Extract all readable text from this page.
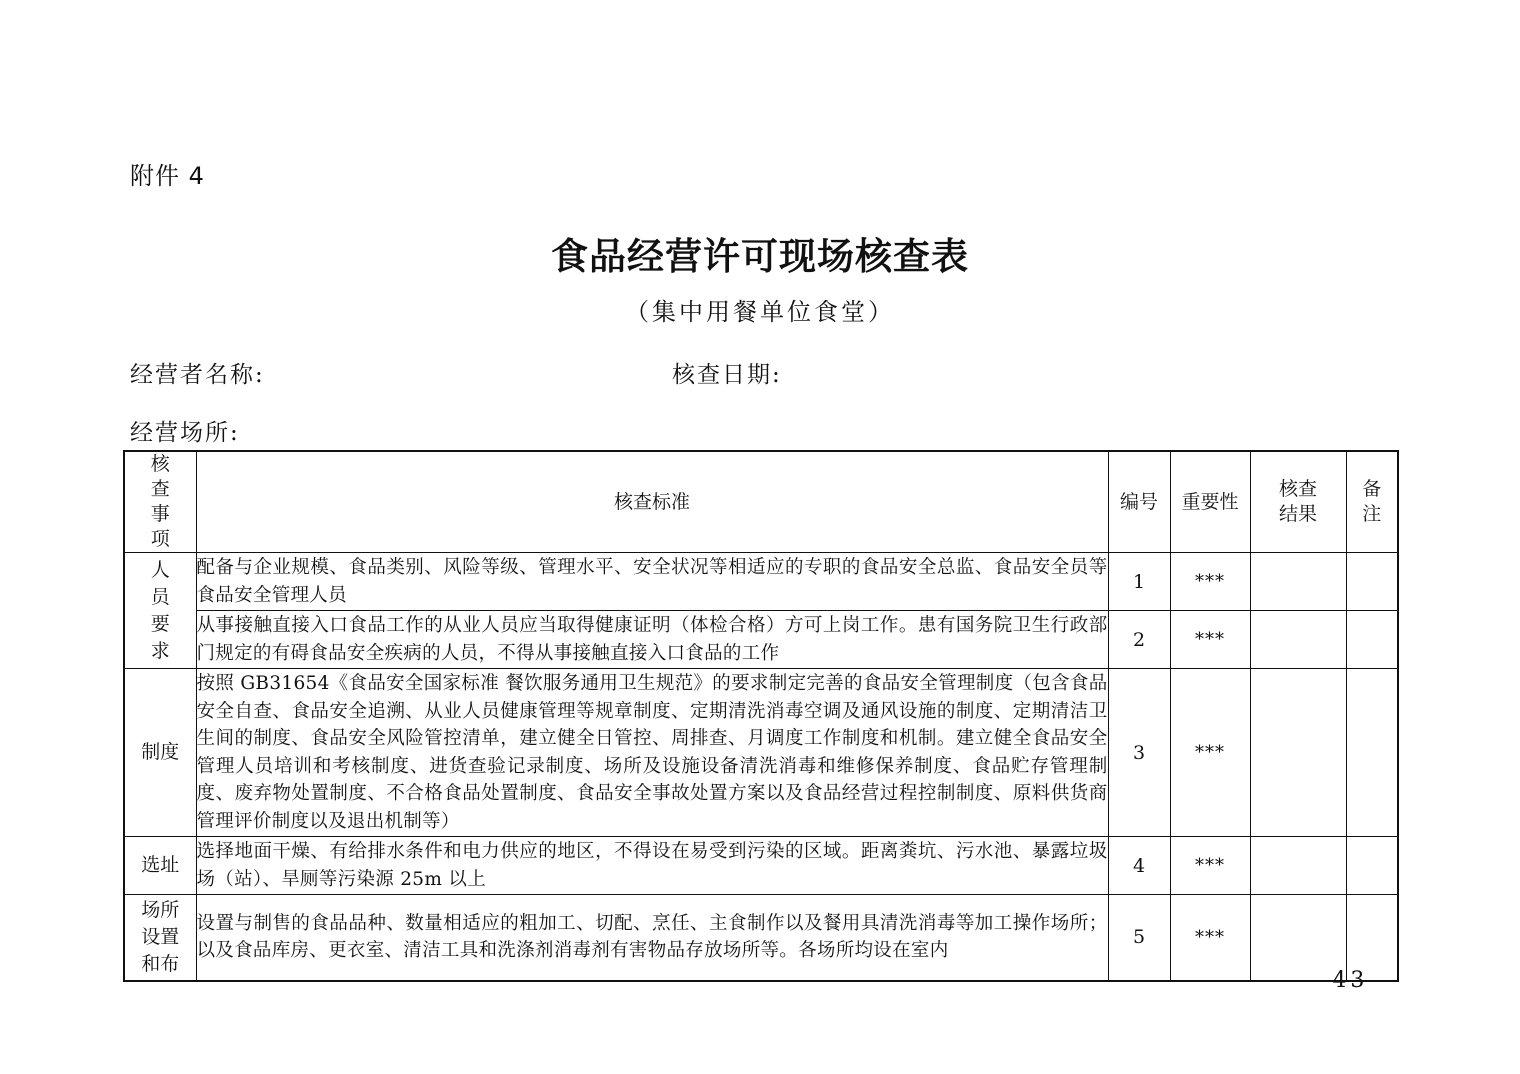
附件 4
食品经营许可现场核查表
（集中用餐单位食堂）
经营者名称:	核查日期:
经营场所:
核查事项	核查标准	编号	重要性	核查结果	备注
人员要求	配备与企业规模、食品类别、风险等级、管理水平、安全状况等相适应的专职的食品安全总监、食品安全员等食品安全管理人员	1	***		
	从事接触直接入口食品工作的从业人员应当取得健康证明（体检合格）方可上岗工作。患有国务院卫生行政部门规定的有碍食品安全疾病的人员，不得从事接触直接入口食品的工作	2	***		
制度	按照 GB31654《食品安全国家标准 餐饮服务通用卫生规范》的要求制定完善的食品安全管理制度（包含食品安全自查、食品安全追溯、从业人员健康管理等规章制度、定期清洗消毒空调及通风设施的制度、定期清洁卫生间的制度、食品安全风险管控清单，建立健全日管控、周排查、月调度工作制度和机制。建立健全食品安全管理人员培训和考核制度、进货查验记录制度、场所及设施设备清洗消毒和维修保养制度、食品贮存管理制度、废弃物处置制度、不合格食品处置制度、食品安全事故处置方案以及食品经营过程控制制度、原料供货商管理评价制度以及退出机制等）	3	***		
选址	选择地面干燥、有给排水条件和电力供应的地区，不得设在易受到污染的区域。距离粪坑、污水池、暴露垃圾场（站）、旱厕等污染源 25m 以上	4	***		
场所设置和布	设置与制售的食品品种、数量相适应的粗加工、切配、烹任、主食制作以及餐用具清洗消毒等加工操作场所；以及食品库房、更衣室、清洁工具和洗涤剂消毒剂有害物品存放场所等。各场所均设在室内	5	***		
- 43 -
